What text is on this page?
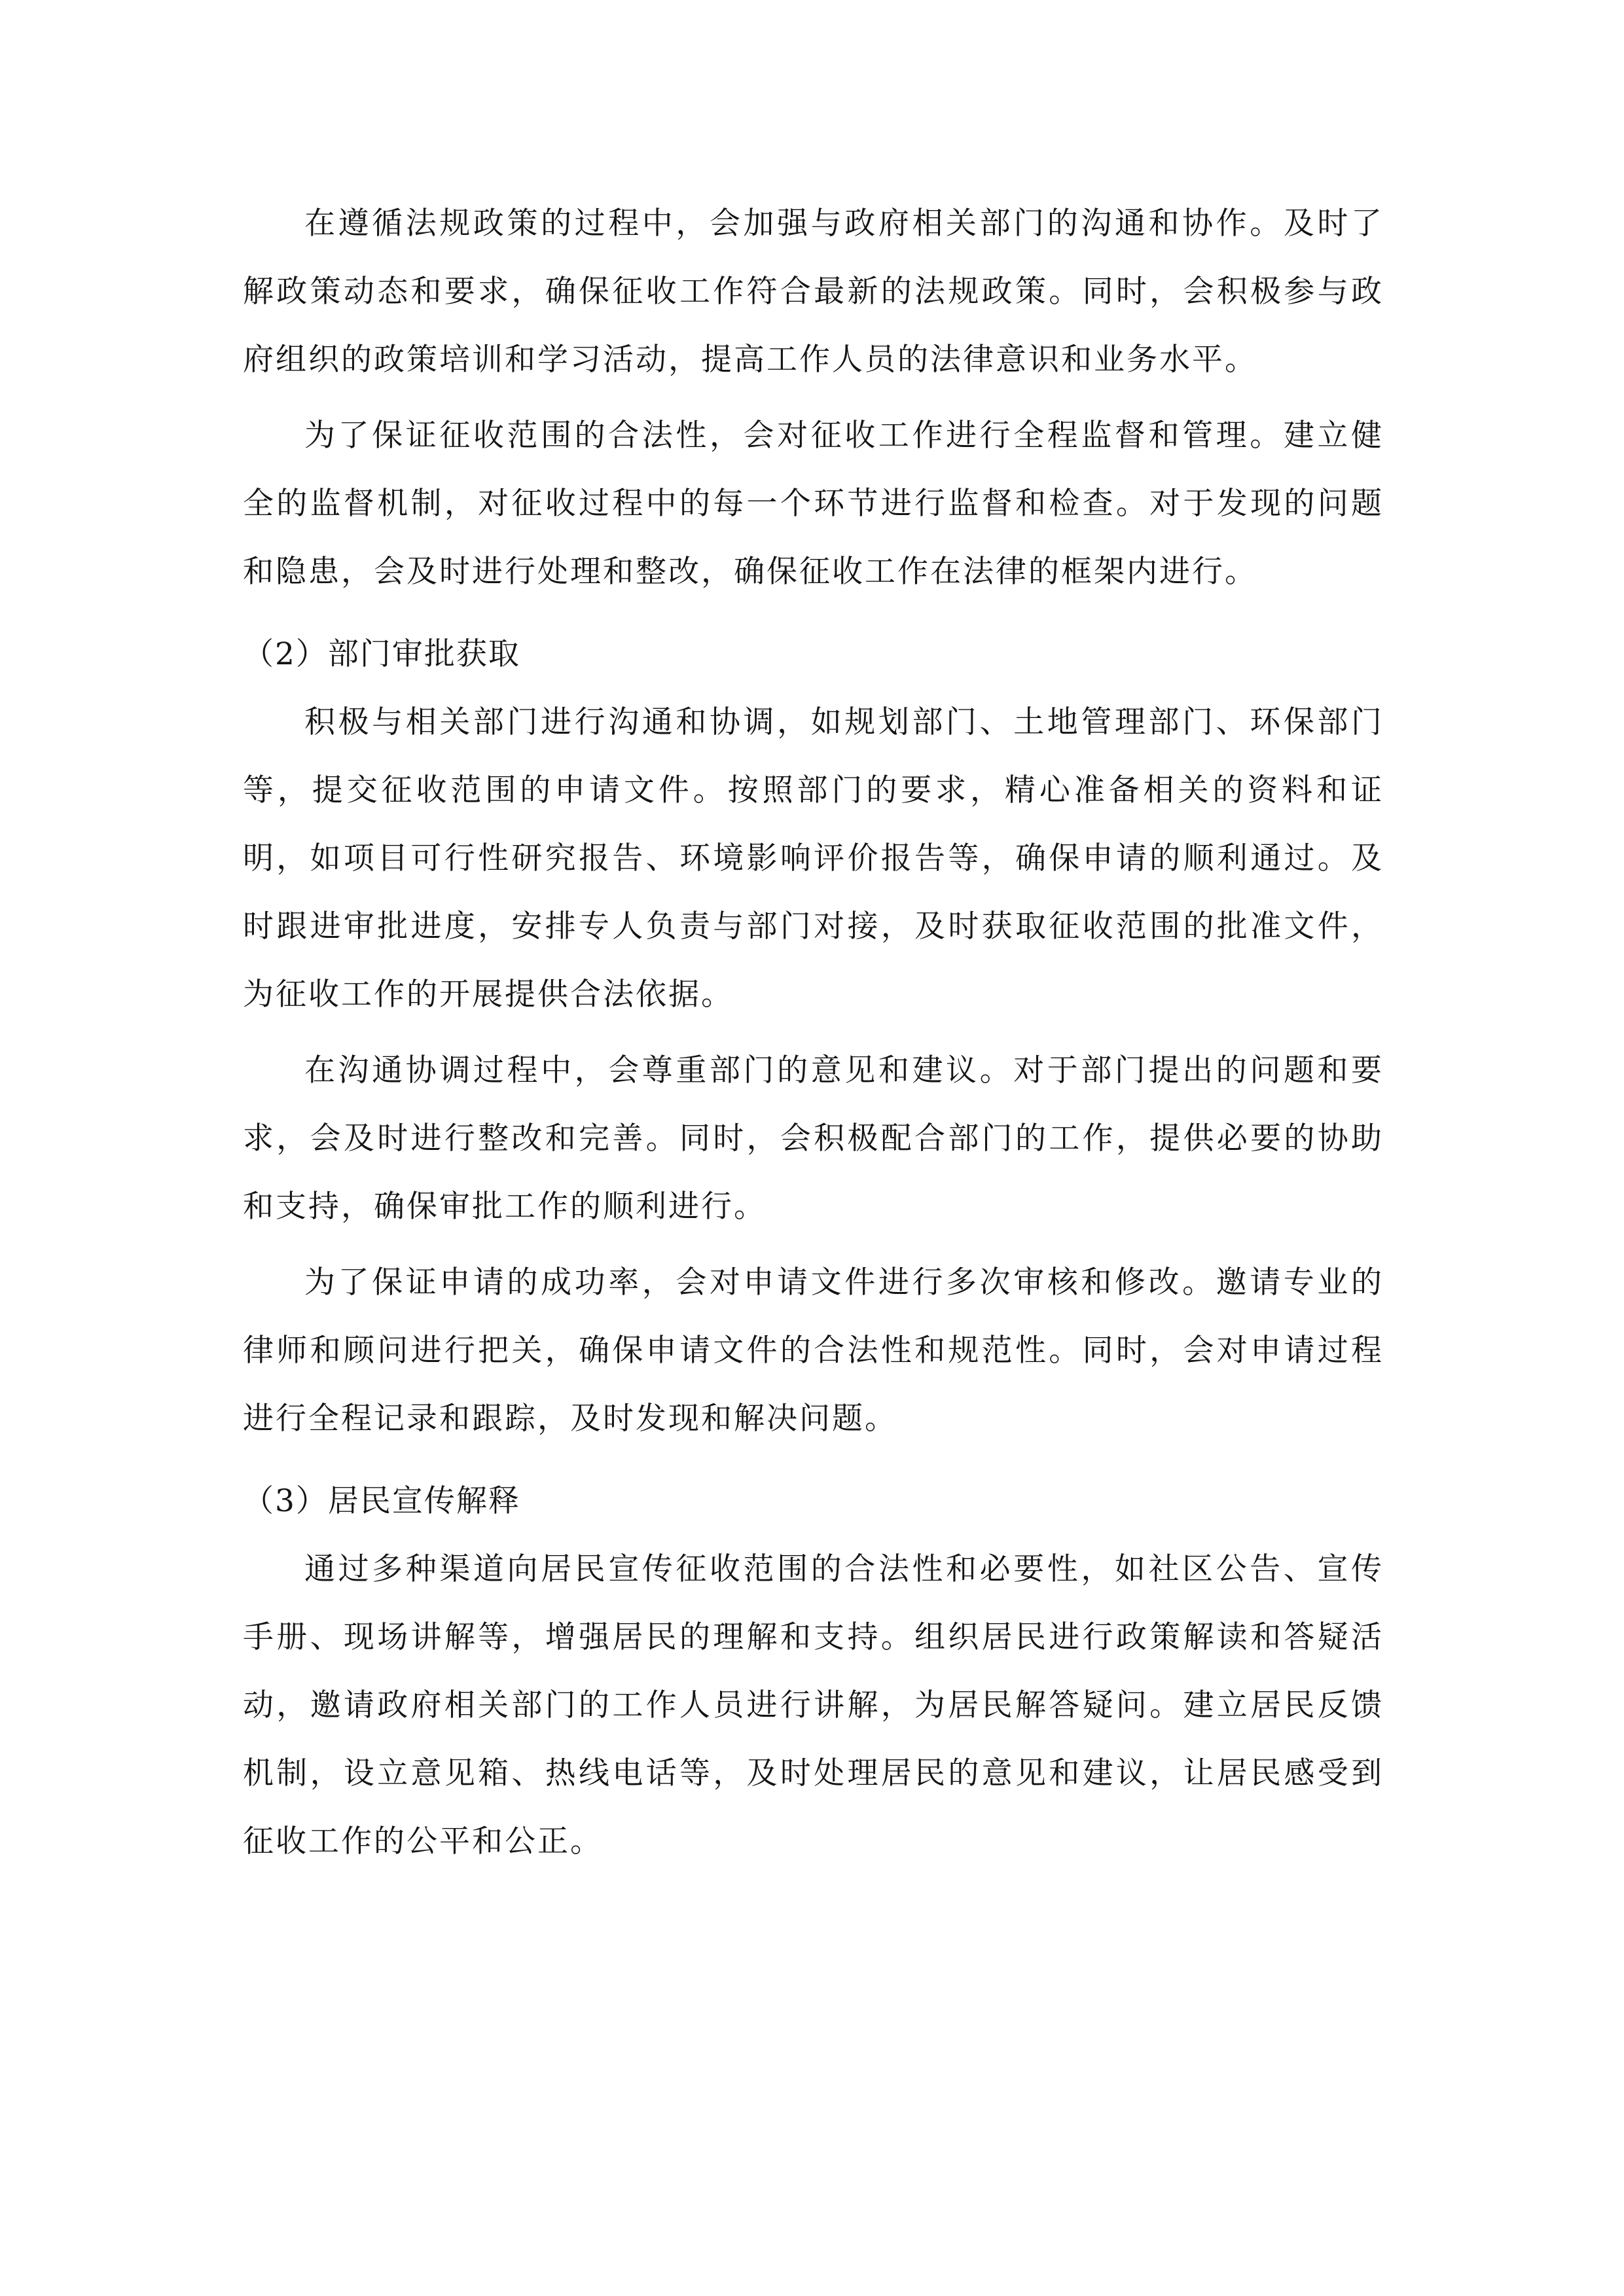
在遵循法规政策的过程中，会加强与政府相关部门的沟通和协作。及时了解政策动态和要求，确保征收工作符合最新的法规政策。同时，会积极参与政府组织的政策培训和学习活动，提高工作人员的法律意识和业务水平。

为了保证征收范围的合法性，会对征收工作进行全程监督和管理。建立健全的监督机制，对征收过程中的每一个环节进行监督和检查。对于发现的问题和隐患，会及时进行处理和整改，确保征收工作在法律的框架内进行。

（2）部门审批获取

积极与相关部门进行沟通和协调，如规划部门、土地管理部门、环保部门等，提交征收范围的申请文件。按照部门的要求，精心准备相关的资料和证明，如项目可行性研究报告、环境影响评价报告等，确保申请的顺利通过。及时跟进审批进度，安排专人负责与部门对接，及时获取征收范围的批准文件，为征收工作的开展提供合法依据。

在沟通协调过程中，会尊重部门的意见和建议。对于部门提出的问题和要求，会及时进行整改和完善。同时，会积极配合部门的工作，提供必要的协助和支持，确保审批工作的顺利进行。

为了保证申请的成功率，会对申请文件进行多次审核和修改。邀请专业的律师和顾问进行把关，确保申请文件的合法性和规范性。同时，会对申请过程进行全程记录和跟踪，及时发现和解决问题。

（3）居民宣传解释

通过多种渠道向居民宣传征收范围的合法性和必要性，如社区公告、宣传手册、现场讲解等，增强居民的理解和支持。组织居民进行政策解读和答疑活动，邀请政府相关部门的工作人员进行讲解，为居民解答疑问。建立居民反馈机制，设立意见箱、热线电话等，及时处理居民的意见和建议，让居民感受到征收工作的公平和公正。
